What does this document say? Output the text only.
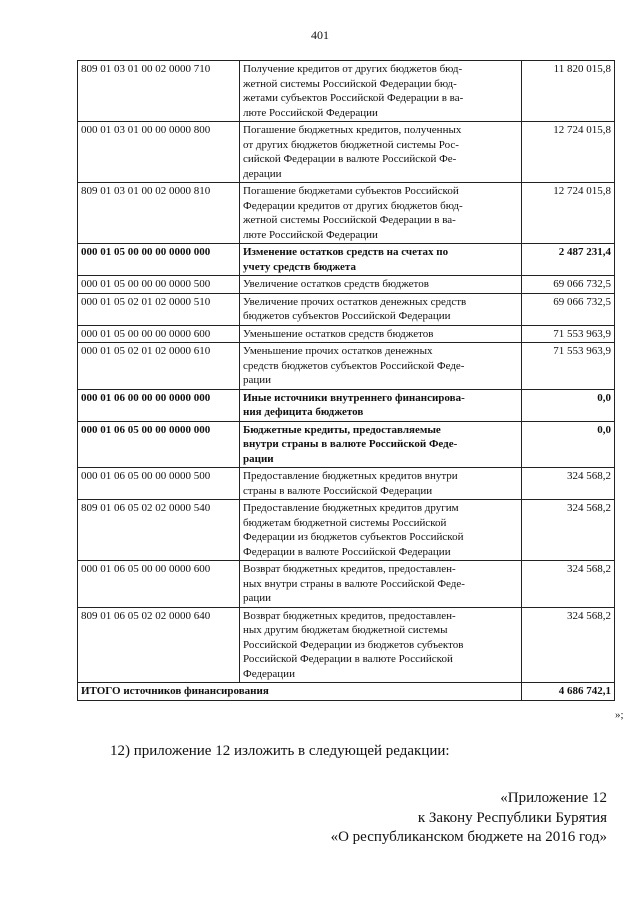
401
809 01 03 01 00 02 0000 710	Получение кредитов от других бюджетов бюд-
жетной системы Российской Федерации бюд-
жетами субъектов Российской Федерации в ва-
люте Российской Федерации	11 820 015,8
000 01 03 01 00 00 0000 800	Погашение бюджетных кредитов, полученных
от других бюджетов бюджетной системы Рос-
сийской Федерации в валюте Российской Фе-
дерации	12 724 015,8
809 01 03 01 00 02 0000 810	Погашение бюджетами субъектов Российской
Федерации кредитов от других бюджетов бюд-
жетной системы Российской Федерации в ва-
люте Российской Федерации	12 724 015,8
000 01 05 00 00 00 0000 000	Изменение остатков средств на счетах по
учету средств бюджета	2 487 231,4
000 01 05 00 00 00 0000 500	Увеличение остатков средств бюджетов	69 066 732,5
000 01 05 02 01 02 0000 510	Увеличение прочих остатков денежных средств
бюджетов субъектов Российской Федерации	69 066 732,5
000 01 05 00 00 00 0000 600	Уменьшение остатков средств бюджетов	71 553 963,9
000 01 05 02 01 02 0000 610	Уменьшение прочих остатков денежных
средств бюджетов субъектов Российской Феде-
рации	71 553 963,9
000 01 06 00 00 00 0000 000	Иные источники внутреннего финансирова-
ния дефицита бюджетов	0,0
000 01 06 05 00 00 0000 000	Бюджетные кредиты, предоставляемые
внутри страны в валюте Российской Феде-
рации	0,0
000 01 06 05 00 00 0000 500	Предоставление бюджетных кредитов внутри
страны в валюте Российской Федерации	324 568,2
809 01 06 05 02 02 0000 540	Предоставление бюджетных кредитов другим
бюджетам бюджетной системы Российской
Федерации из бюджетов субъектов Российской
Федерации в валюте Российской Федерации	324 568,2
000 01 06 05 00 00 0000 600	Возврат бюджетных кредитов, предоставлен-
ных внутри страны в валюте Российской Феде-
рации	324 568,2
809 01 06 05 02 02 0000 640	Возврат бюджетных кредитов, предоставлен-
ных другим бюджетам бюджетной системы
Российской Федерации из бюджетов субъектов
Российской Федерации в валюте Российской
Федерации	324 568,2
ИТОГО источников финансирования		4 686 742,1
»;
12) приложение 12 изложить в следующей редакции:
«Приложение 12
к Закону Республики Бурятия
«О республиканском бюджете на 2016 год»
